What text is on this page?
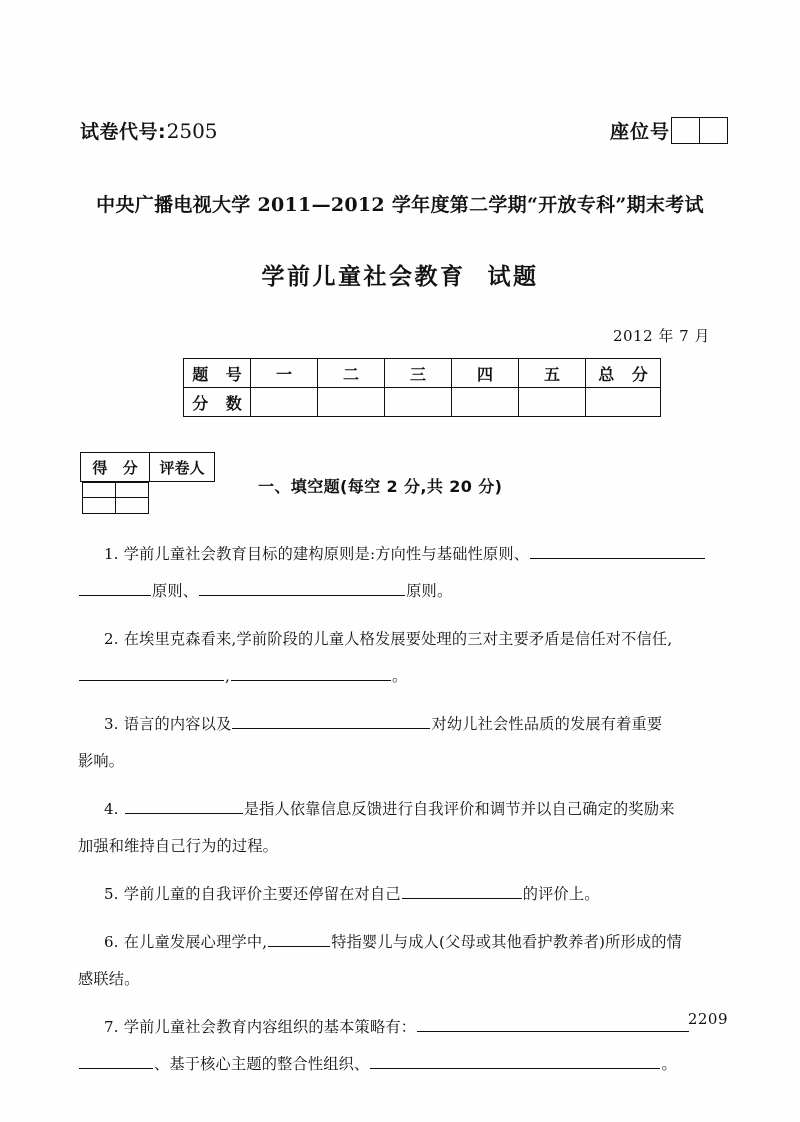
试卷代号 : 2505	座位号
中央广播电视大学 2011—2012 学年度第二学期“开放专科”期末考试
学前儿童社会教育 试题
2012 年 7 月
题 号	一	二	三	四	五	总 分
分 数						
得 分	评卷人

一、填空题(每空 2 分,共 20 分)
1. 学前儿童社会教育目标的建构原则是:方向性与基础性原则、
原则、	原则。
2. 在埃里克森看来,学前阶段的儿童人格发展要处理的三对主要矛盾是信任对不信任,
,	。
3. 语言的内容以及	对幼儿社会性品质的发展有着重要
影响。
4.	是指人依靠信息反馈进行自我评价和调节并以自己确定的奖励来
加强和维持自己行为的过程。
5. 学前儿童的自我评价主要还停留在对自己	的评价上。
6. 在儿童发展心理学中,	特指婴儿与成人(父母或其他看护教养者)所形成的情
感联结。
7. 学前儿童社会教育内容组织的基本策略有：
、基于核心主题的整合性组织、	。
2209
